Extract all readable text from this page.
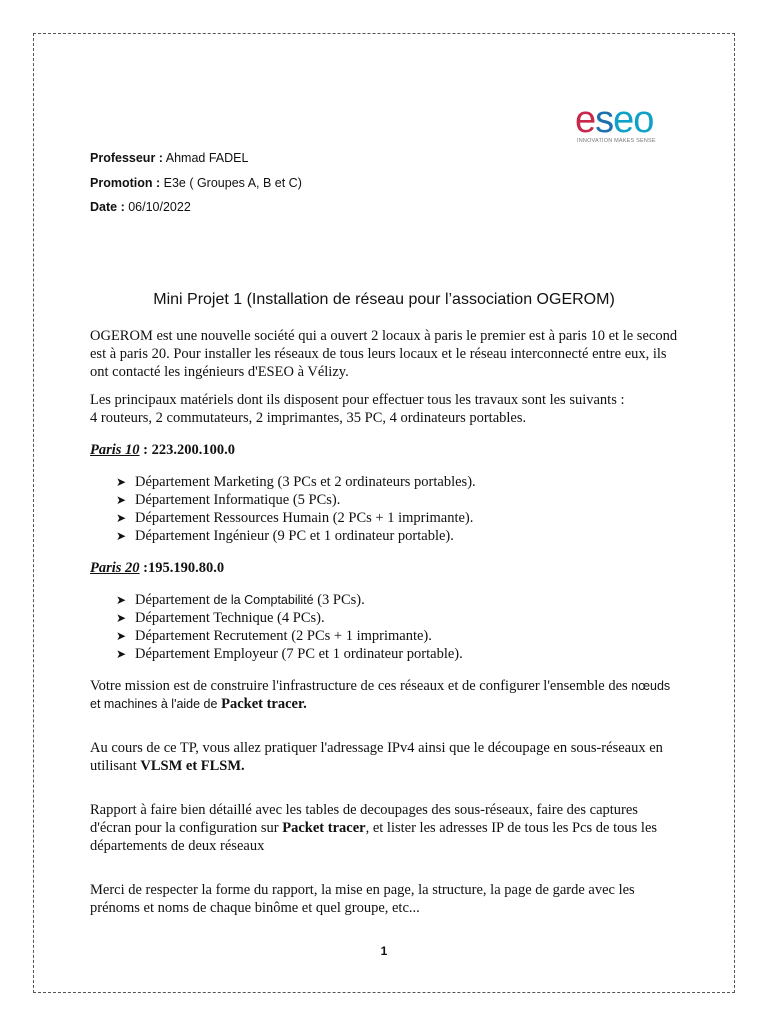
eseo
INNOVATION MAKES SENSE
Professeur : Ahmad FADEL
Promotion : E3e ( Groupes A, B et C)
Date : 06/10/2022
Mini Projet 1 (Installation de réseau pour l’association OGEROM)

OGEROM est une nouvelle société qui a ouvert 2 locaux à paris le premier est à paris 10 et le second est à paris 20. Pour installer les réseaux de tous leurs locaux et le réseau interconnecté entre eux, ils ont contacté les ingénieurs d'ESEO à Vélizy.

Les principaux matériels dont ils disposent pour effectuer tous les travaux sont les suivants :
4 routeurs, 2 commutateurs, 2 imprimantes, 35 PC, 4 ordinateurs portables.

Paris 10 : 223.200.100.0
➤ Département Marketing (3 PCs et 2 ordinateurs portables).
➤ Département Informatique (5 PCs).
➤ Département Ressources Humain (2 PCs + 1 imprimante).
➤ Département Ingénieur (9 PC et 1 ordinateur portable).
Paris 20 :195.190.80.0
➤ Département de la Comptabilité (3 PCs).
➤ Département Technique (4 PCs).
➤ Département Recrutement (2 PCs + 1 imprimante).
➤ Département Employeur (7 PC et 1 ordinateur portable).

Votre mission est de construire l'infrastructure de ces réseaux et de configurer l'ensemble des nœuds et machines à l'aide de Packet tracer.

Au cours de ce TP, vous allez pratiquer l'adressage IPv4 ainsi que le découpage en sous-réseaux en utilisant VLSM et FLSM.

Rapport à faire bien détaillé avec les tables de decoupages des sous-réseaux, faire des captures d'écran pour la configuration sur Packet tracer, et lister les adresses IP de tous les Pcs de tous les départements de deux réseaux

Merci de respecter la forme du rapport, la mise en page, la structure, la page de garde avec les prénoms et noms de chaque binôme et quel groupe, etc...

1
